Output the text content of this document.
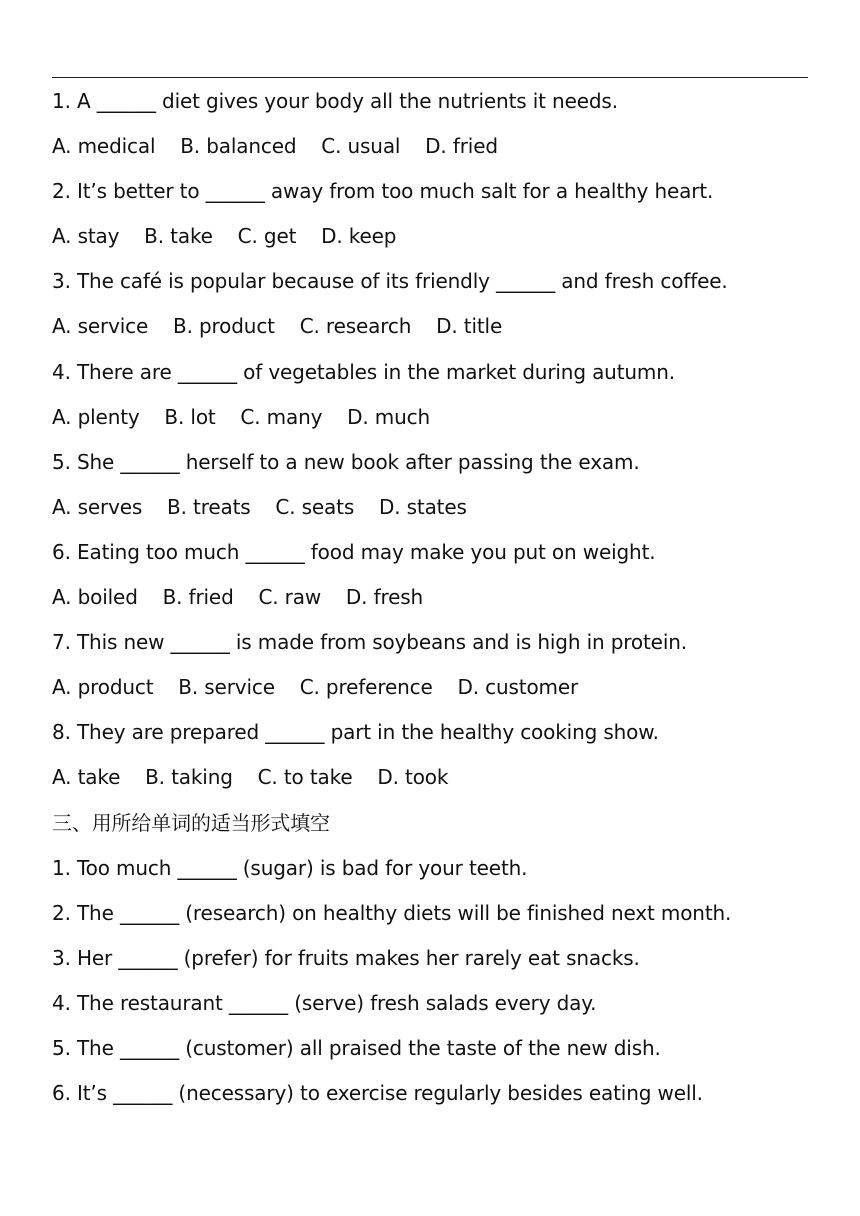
1. A ______ diet gives your body all the nutrients it needs.
A. medical    B. balanced    C. usual    D. fried
2. It’s better to ______ away from too much salt for a healthy heart.
A. stay    B. take    C. get    D. keep
3. The café is popular because of its friendly ______ and fresh coffee.
A. service    B. product    C. research    D. title
4. There are ______ of vegetables in the market during autumn.
A. plenty    B. lot    C. many    D. much
5. She ______ herself to a new book after passing the exam.
A. serves    B. treats    C. seats    D. states
6. Eating too much ______ food may make you put on weight.
A. boiled    B. fried    C. raw    D. fresh
7. This new ______ is made from soybeans and is high in protein.
A. product    B. service    C. preference    D. customer
8. They are prepared ______ part in the healthy cooking show.
A. take    B. taking    C. to take    D. took
三、用所给单词的适当形式填空
1. Too much ______ (sugar) is bad for your teeth.
2. The ______ (research) on healthy diets will be finished next month.
3. Her ______ (prefer) for fruits makes her rarely eat snacks.
4. The restaurant ______ (serve) fresh salads every day.
5. The ______ (customer) all praised the taste of the new dish.
6. It’s ______ (necessary) to exercise regularly besides eating well.
